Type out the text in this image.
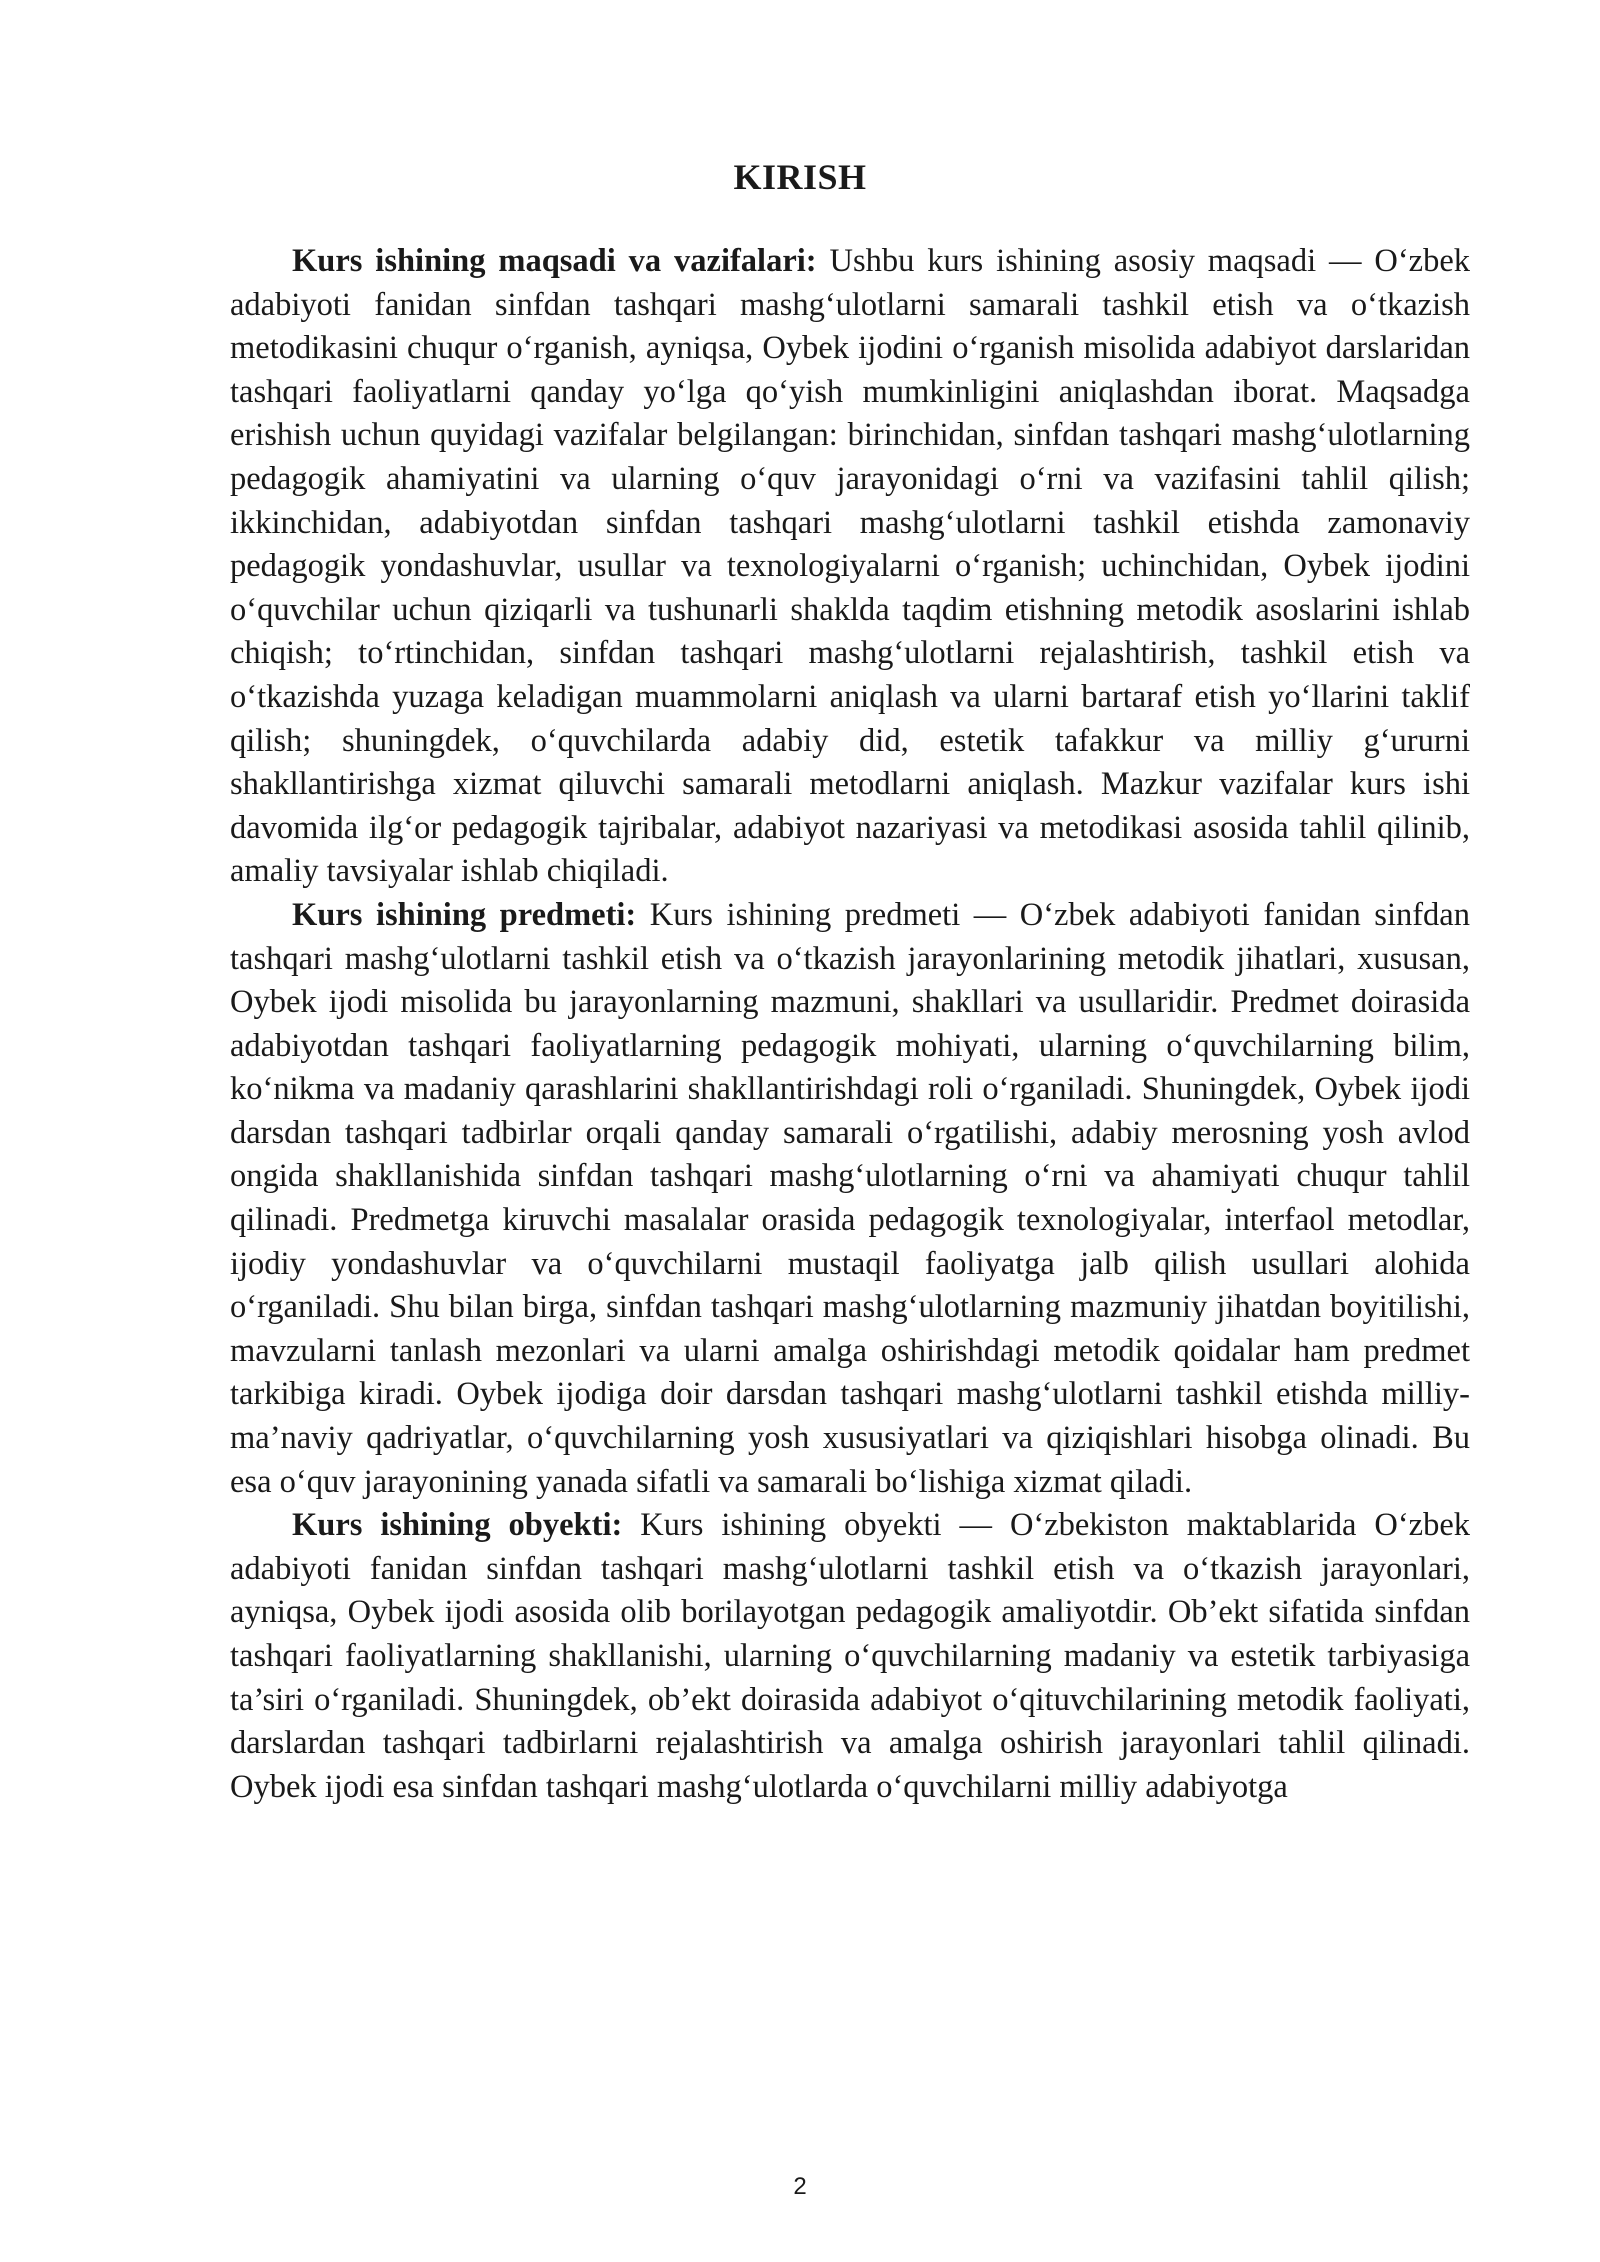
KIRISH

Kurs ishining maqsadi va vazifalari: Ushbu kurs ishining asosiy maqsadi — O‘zbek adabiyoti fanidan sinfdan tashqari mashg‘ulotlarni samarali tashkil etish va o‘tkazish metodikasini chuqur o‘rganish, ayniqsa, Oybek ijodini o‘rganish misolida adabiyot darslaridan tashqari faoliyatlarni qanday yo‘lga qo‘yish mumkinligini aniqlashdan iborat. Maqsadga erishish uchun quyidagi vazifalar belgilangan: birinchidan, sinfdan tashqari mashg‘ulotlarning pedagogik ahamiyatini va ularning o‘quv jarayonidagi o‘rni va vazifasini tahlil qilish; ikkinchidan, adabiyotdan sinfdan tashqari mashg‘ulotlarni tashkil etishda zamonaviy pedagogik yondashuvlar, usullar va texnologiyalarni o‘rganish; uchinchidan, Oybek ijodini o‘quvchilar uchun qiziqarli va tushunarli shaklda taqdim etishning metodik asoslarini ishlab chiqish; to‘rtinchidan, sinfdan tashqari mashg‘ulotlarni rejalashtirish, tashkil etish va o‘tkazishda yuzaga keladigan muammolarni aniqlash va ularni bartaraf etish yo‘llarini taklif qilish; shuningdek, o‘quvchilarda adabiy did, estetik tafakkur va milliy g‘ururni shakllantirishga xizmat qiluvchi samarali metodlarni aniqlash. Mazkur vazifalar kurs ishi davomida ilg‘or pedagogik tajribalar, adabiyot nazariyasi va metodikasi asosida tahlil qilinib, amaliy tavsiyalar ishlab chiqiladi.

Kurs ishining predmeti: Kurs ishining predmeti — O‘zbek adabiyoti fanidan sinfdan tashqari mashg‘ulotlarni tashkil etish va o‘tkazish jarayonlarining metodik jihatlari, xususan, Oybek ijodi misolida bu jarayonlarning mazmuni, shakllari va usullaridir. Predmet doirasida adabiyotdan tashqari faoliyatlarning pedagogik mohiyati, ularning o‘quvchilarning bilim, ko‘nikma va madaniy qarashlarini shakllantirishdagi roli o‘rganiladi. Shuningdek, Oybek ijodi darsdan tashqari tadbirlar orqali qanday samarali o‘rgatilishi, adabiy merosning yosh avlod ongida shakllanishida sinfdan tashqari mashg‘ulotlarning o‘rni va ahamiyati chuqur tahlil qilinadi. Predmetga kiruvchi masalalar orasida pedagogik texnologiyalar, interfaol metodlar, ijodiy yondashuvlar va o‘quvchilarni mustaqil faoliyatga jalb qilish usullari alohida o‘rganiladi. Shu bilan birga, sinfdan tashqari mashg‘ulotlarning mazmuniy jihatdan boyitilishi, mavzularni tanlash mezonlari va ularni amalga oshirishdagi metodik qoidalar ham predmet tarkibiga kiradi. Oybek ijodiga doir darsdan tashqari mashg‘ulotlarni tashkil etishda milliy-ma’naviy qadriyatlar, o‘quvchilarning yosh xususiyatlari va qiziqishlari hisobga olinadi. Bu esa o‘quv jarayonining yanada sifatli va samarali bo‘lishiga xizmat qiladi.

Kurs ishining obyekti: Kurs ishining obyekti — O‘zbekiston maktablarida O‘zbek adabiyoti fanidan sinfdan tashqari mashg‘ulotlarni tashkil etish va o‘tkazish jarayonlari, ayniqsa, Oybek ijodi asosida olib borilayotgan pedagogik amaliyotdir. Ob’ekt sifatida sinfdan tashqari faoliyatlarning shakllanishi, ularning o‘quvchilarning madaniy va estetik tarbiyasiga ta’siri o‘rganiladi. Shuningdek, ob’ekt doirasida adabiyot o‘qituvchilarining metodik faoliyati, darslardan tashqari tadbirlarni rejalashtirish va amalga oshirish jarayonlari tahlil qilinadi. Oybek ijodi esa sinfdan tashqari mashg‘ulotlarda o‘quvchilarni milliy adabiyotga

2
